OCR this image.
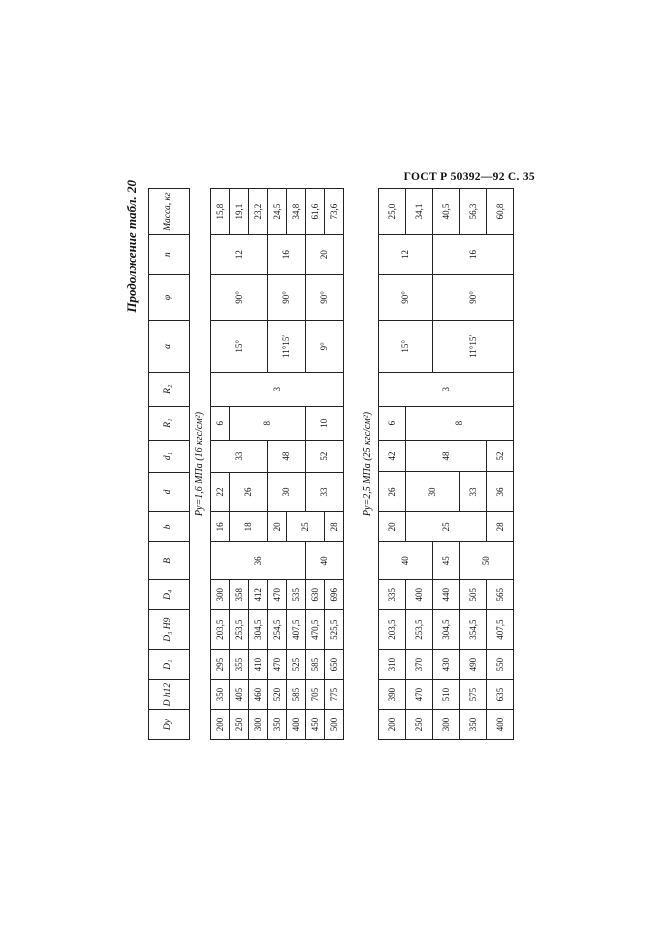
ГОСТ Р 50392—92 С. 35
Продолжение табл. 20
Dу	D h12	D₁	D₃ H9	D₄	B	b	d	d₁	R₁	R₂	α	φ	n	Масса, кг
Pу=1,6 МПа (16 кгс/см²)														
200	350	295	203,5	300	36	16	22	33	6	3	15°	90°	12	15,8
250	405	355	253,5	358		18	26		8					19,1
300	460	410	304,5	412										23,2
350	520	470	254,5	470		20	30	48			11°15′	90°	16	24,5
400	585	525	407,5	535		25								34,8
450	705	585	470,5	630	40		33	52	10		9°	90°	20	61,6
500	775	650	525,5	696		28								73,6
Pу=2,5 МПа (25 кгс/см²)														
200	390	310	203,5	335	40	20	26	42	6	3	15°	90°	12	25,0
250	470	370	253,5	400		25	30	48	8					34,1
300	510	430	304,5	440	45						11°15′	90°	16	40,5
350	575	490	354,5	505	50		33							56,3
400	635	550	407,5	565		28	36	52						60,8
